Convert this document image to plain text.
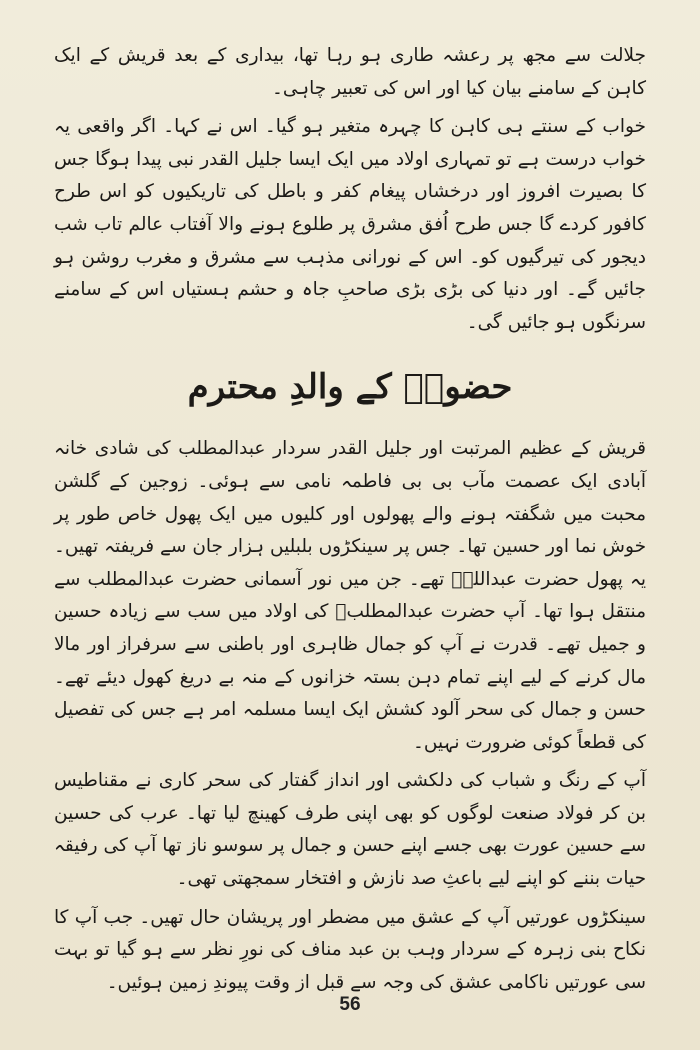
جلالت سے مجھ پر رعشہ طاری ہو رہا تھا، بیداری کے بعد قریش کے ایک کاہن کے سامنے بیان کیا اور اس کی تعبیر چاہی۔

خواب کے سنتے ہی کاہن کا چہرہ متغیر ہو گیا۔ اس نے کہا۔ اگر واقعی یہ خواب درست ہے تو تمہاری اولاد میں ایک ایسا جلیل القدر نبی پیدا ہوگا جس کا بصیرت افروز اور درخشاں پیغام کفر و باطل کی تاریکیوں کو اس طرح کافور کردے گا جس طرح اُفق مشرق پر طلوع ہونے والا آفتاب عالم تاب شب دیجور کی تیرگیوں کو۔ اس کے نورانی مذہب سے مشرق و مغرب روشن ہو جائیں گے۔ اور دنیا کی بڑی بڑی صاحبِ جاہ و حشم ہستیاں اس کے سامنے سرنگوں ہو جائیں گی۔

حضورؐ کے والدِ محترم

قریش کے عظیم المرتبت اور جلیل القدر سردار عبدالمطلب کی شادی خانہ آبادی ایک عصمت مآب بی بی فاطمہ نامی سے ہوئی۔ زوجین کے گلشن محبت میں شگفتہ ہونے والے پھولوں اور کلیوں میں ایک پھول خاص طور پر خوش نما اور حسین تھا۔ جس پر سینکڑوں بلبلیں ہزار جان سے فریفتہ تھیں۔ یہ پھول حضرت عبداللہؓ تھے۔ جن میں نور آسمانی حضرت عبدالمطلب سے منتقل ہوا تھا۔ آپ حضرت عبدالمطلبؓ کی اولاد میں سب سے زیادہ حسین و جمیل تھے۔ قدرت نے آپ کو جمال ظاہری اور باطنی سے سرفراز اور مالا مال کرنے کے لیے اپنے تمام دہن بستہ خزانوں کے منہ بے دریغ کھول دیئے تھے۔ حسن و جمال کی سحر آلود کشش ایک ایسا مسلمہ امر ہے جس کی تفصیل کی قطعاً کوئی ضرورت نہیں۔

آپ کے رنگ و شباب کی دلکشی اور انداز گفتار کی سحر کاری نے مقناطیس بن کر فولاد صنعت لوگوں کو بھی اپنی طرف کھینچ لیا تھا۔ عرب کی حسین سے حسین عورت بھی جسے اپنے حسن و جمال پر سوسو ناز تھا آپ کی رفیقہ حیات بننے کو اپنے لیے باعثِ صد نازش و افتخار سمجھتی تھی۔

سینکڑوں عورتیں آپ کے عشق میں مضطر اور پریشان حال تھیں۔ جب آپ کا نکاح بنی زہرہ کے سردار وہب بن عبد مناف کی نورِ نظر سے ہو گیا تو بہت سی عورتیں ناکامی عشق کی وجہ سے قبل از وقت پیوندِ زمین ہوئیں۔

56
